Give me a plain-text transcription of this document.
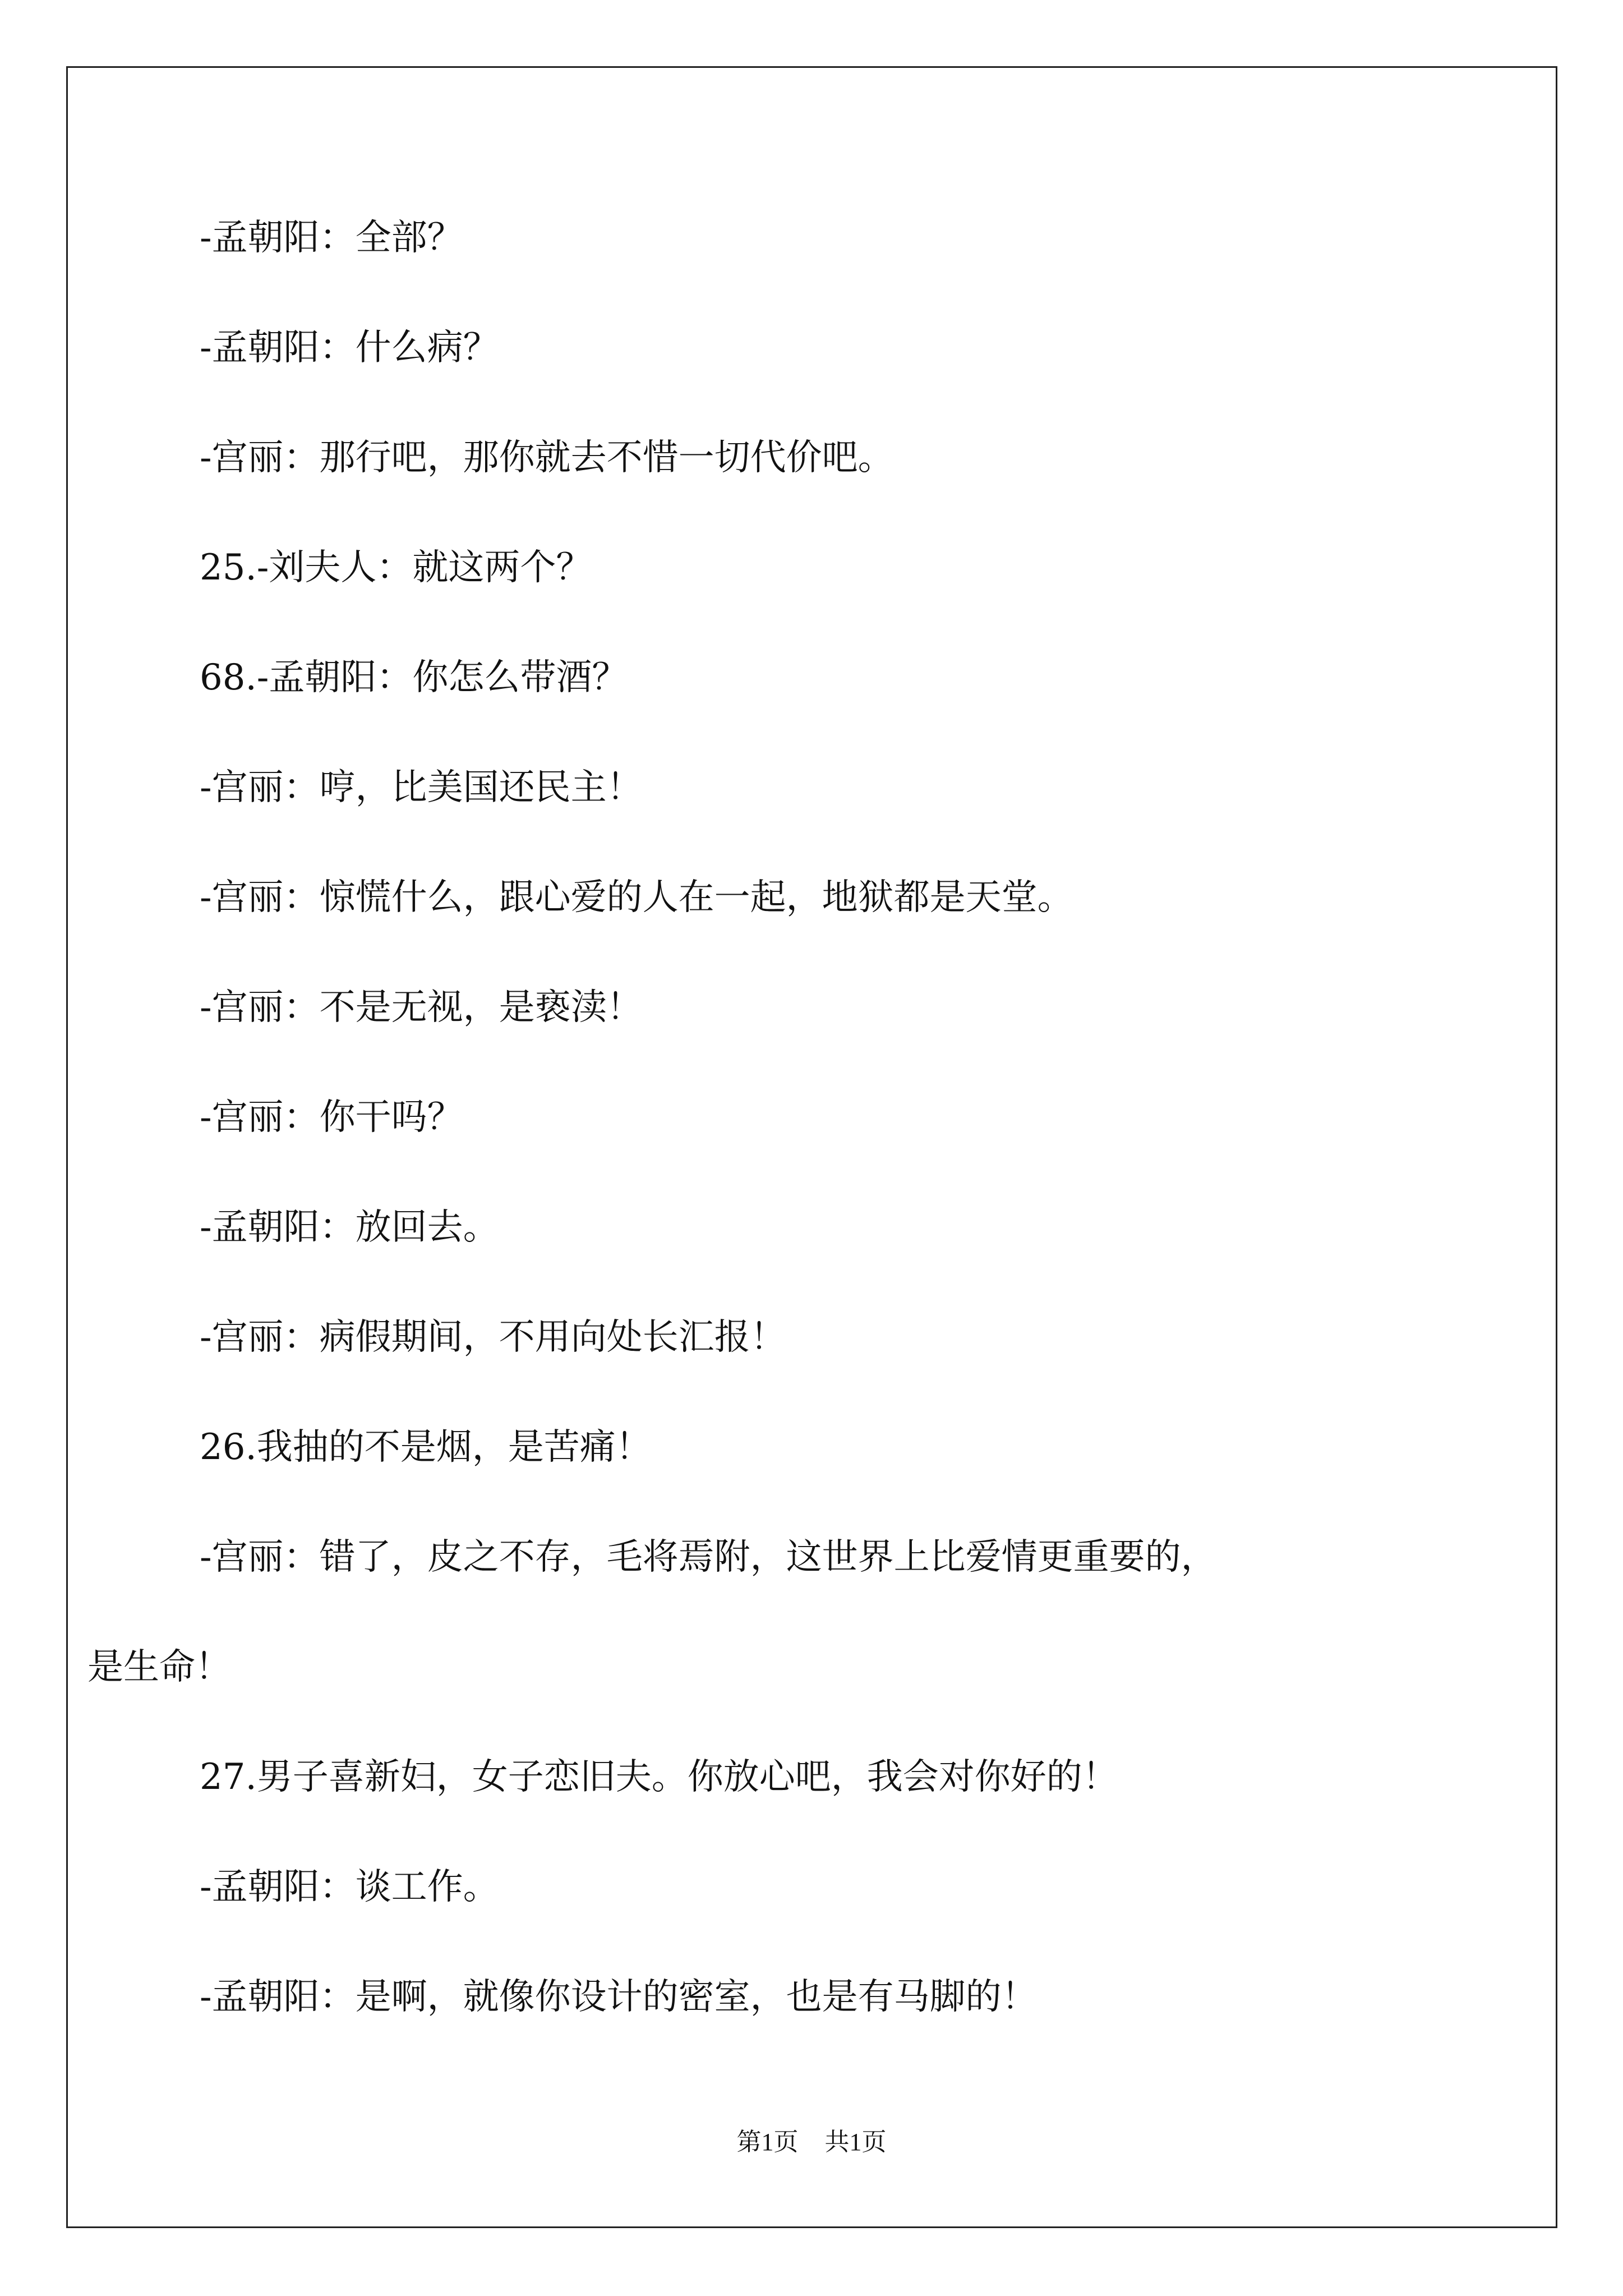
-孟朝阳：全部？
-孟朝阳：什么病？
-宫丽：那行吧，那你就去不惜一切代价吧。
25.-刘夫人：就这两个？
68.-孟朝阳：你怎么带酒？
-宫丽：哼，比美国还民主！
-宫丽：惊慌什么，跟心爱的人在一起，地狱都是天堂。
-宫丽：不是无视，是亵渎！
-宫丽：你干吗？
-孟朝阳：放回去。
-宫丽：病假期间，不用向处长汇报！
26.我抽的不是烟，是苦痛！
-宫丽：错了，皮之不存，毛将焉附，这世界上比爱情更重要的，
是生命！
27.男子喜新妇，女子恋旧夫。你放心吧，我会对你好的！
-孟朝阳：谈工作。
-孟朝阳：是啊，就像你设计的密室，也是有马脚的！
第1页 共1页
